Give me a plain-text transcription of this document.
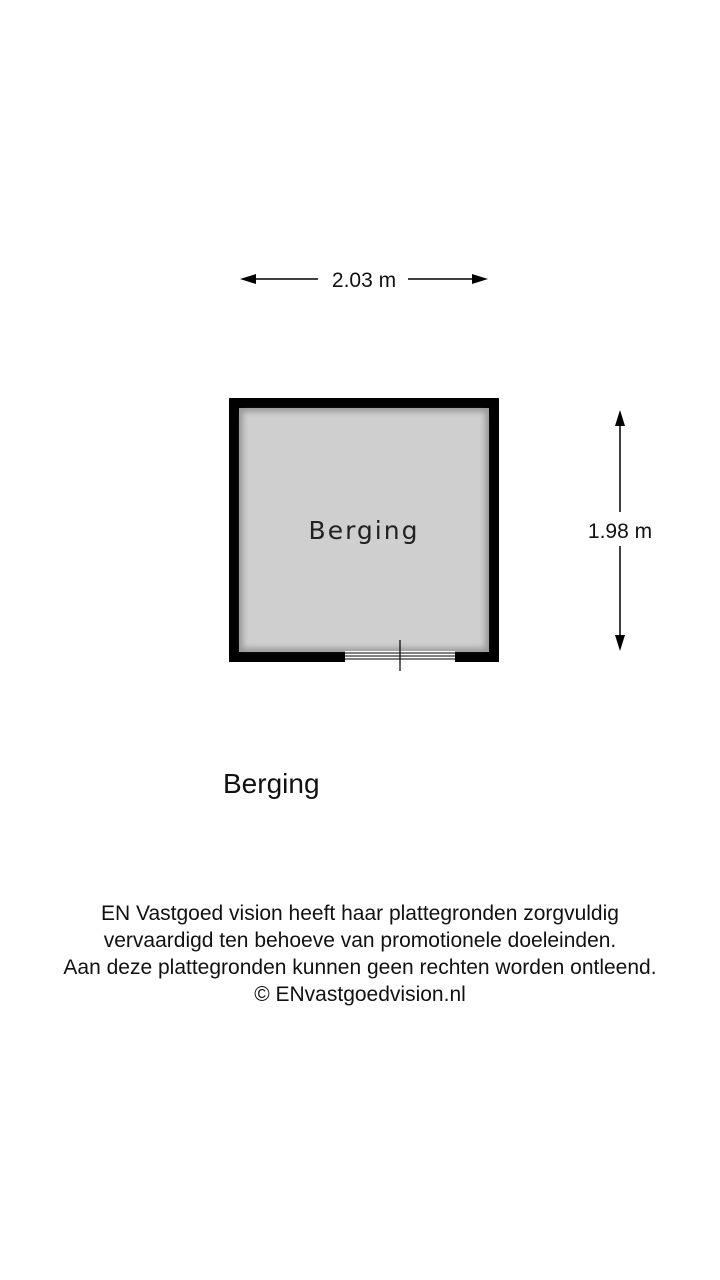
2.03 m
1.98 m
Berging

Berging

EN Vastgoed vision heeft haar plattegronden zorgvuldig
vervaardigd ten behoeve van promotionele doeleinden.
Aan deze plattegronden kunnen geen rechten worden ontleend.
© ENvastgoedvision.nl
